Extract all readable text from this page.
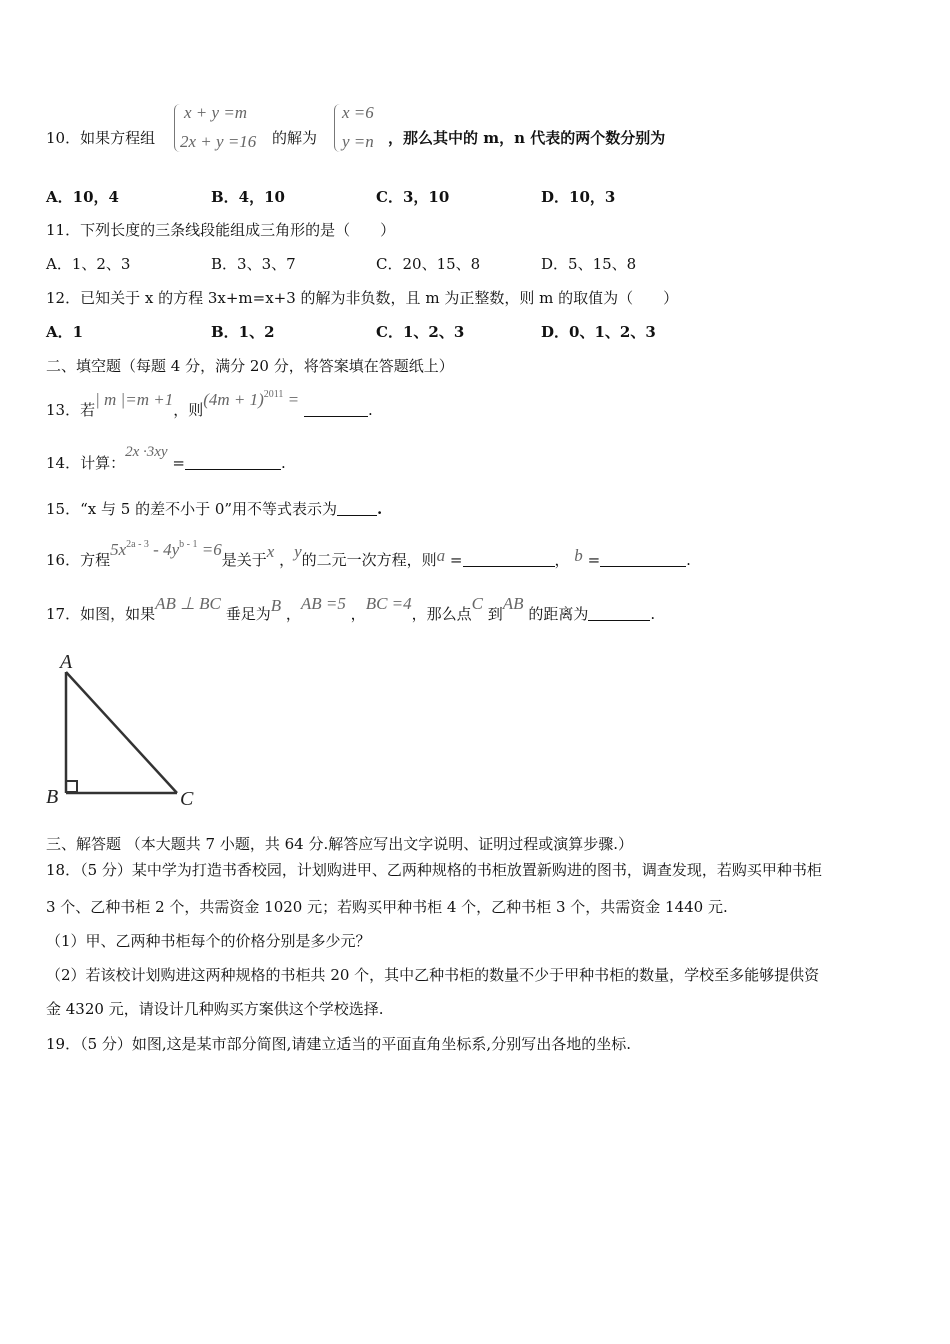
10．如果方程组
x + y =m
2x + y =16 的解为
x =6
y =n ，那么其中的 m，n 代表的两个数分别为
A．10，4	B．4，10	C．3，10	D．10，3
11．下列长度的三条线段能组成三角形的是（　　）
A．1、2、3	B．3、3、7	C．20、15、8	D．5、15、8
12．已知关于 x 的方程 3x+m=x+3 的解为非负数，且 m 为正整数，则 m 的取值为（　　）
A．1	B．1、2	C．1、2、3	D．0、1、2、3
二、填空题（每题 4 分，满分 20 分，将答案填在答题纸上）
13．若| m |=m +1，则$(4m + 1)^{2011}$ = .
14．计算：2x ·3xy =	.
15．“x 与 5 的差不小于 0”用不等式表示为	.
16．方程$5x^{2a - 3} - 4y^{b - 1} =6$是关于x ，y的二元一次方程，则a =	， b =	.
17．如图，如果AB ⊥ BC 垂足为B ，AB =5 ，BC =4，那么点C 到AB 的距离为	.
A
B	C
三、解答题 （本大题共 7 小题，共 64 分.解答应写出文字说明、证明过程或演算步骤.）
18．（5 分）某中学为打造书香校园，计划购进甲、乙两种规格的书柜放置新购进的图书，调查发现，若购买甲种书柜
3 个、乙种书柜 2 个，共需资金 1020 元；若购买甲种书柜 4 个，乙种书柜 3 个，共需资金 1440 元.
（1）甲、乙两种书柜每个的价格分别是多少元？
（2）若该校计划购进这两种规格的书柜共 20 个，其中乙种书柜的数量不少于甲种书柜的数量，学校至多能够提供资
金 4320 元，请设计几种购买方案供这个学校选择.
19．（5 分）如图,这是某市部分简图,请建立适当的平面直角坐标系,分别写出各地的坐标.
